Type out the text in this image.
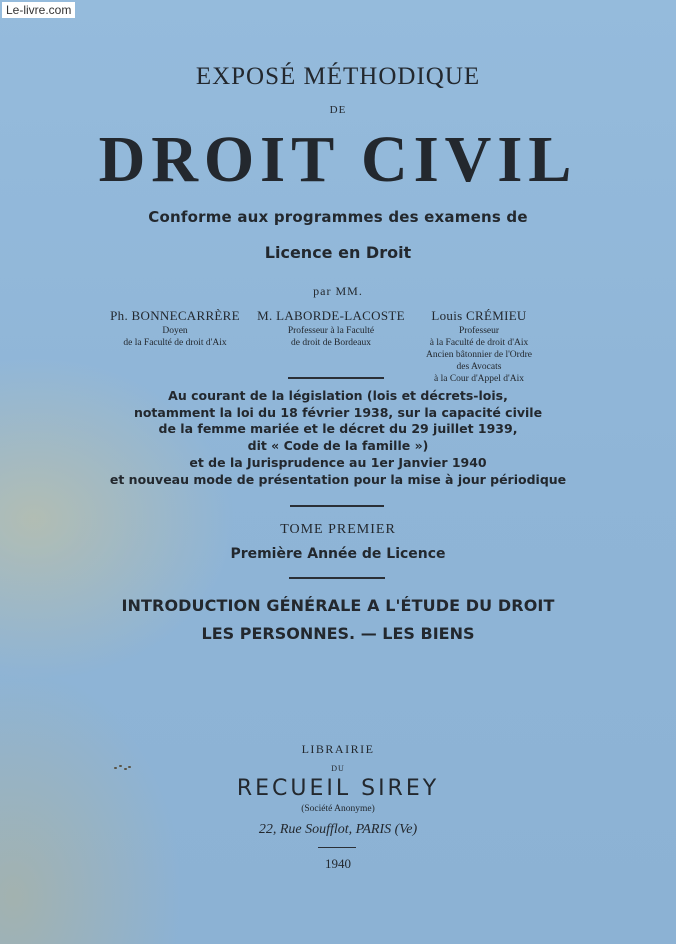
Le-livre.com
EXPOSÉ MÉTHODIQUE
DE
DROIT CIVIL
Conforme aux programmes des examens de
Licence en Droit
par MM.
Ph. BONNECARRÈRE
Doyen
de la Faculté de droit d'Aix
M. LABORDE-LACOSTE
Professeur à la Faculté
de droit de Bordeaux
Louis CRÉMIEU
Professeur
à la Faculté de droit d'Aix
Ancien bâtonnier de l'Ordre
des Avocats
à la Cour d'Appel d'Aix
Au courant de la législation (lois et décrets-lois,
notamment la loi du 18 février 1938, sur la capacité civile
de la femme mariée et le décret du 29 juillet 1939,
dit « Code de la famille »)
et de la Jurisprudence au 1er Janvier 1940
et nouveau mode de présentation pour la mise à jour périodique
TOME PREMIER
Première Année de Licence
INTRODUCTION GÉNÉRALE A L'ÉTUDE DU DROIT
LES PERSONNES. — LES BIENS
LIBRAIRIE
DU
RECUEIL SIREY
(Société Anonyme)
22, Rue Soufflot, PARIS (Ve)
1940
